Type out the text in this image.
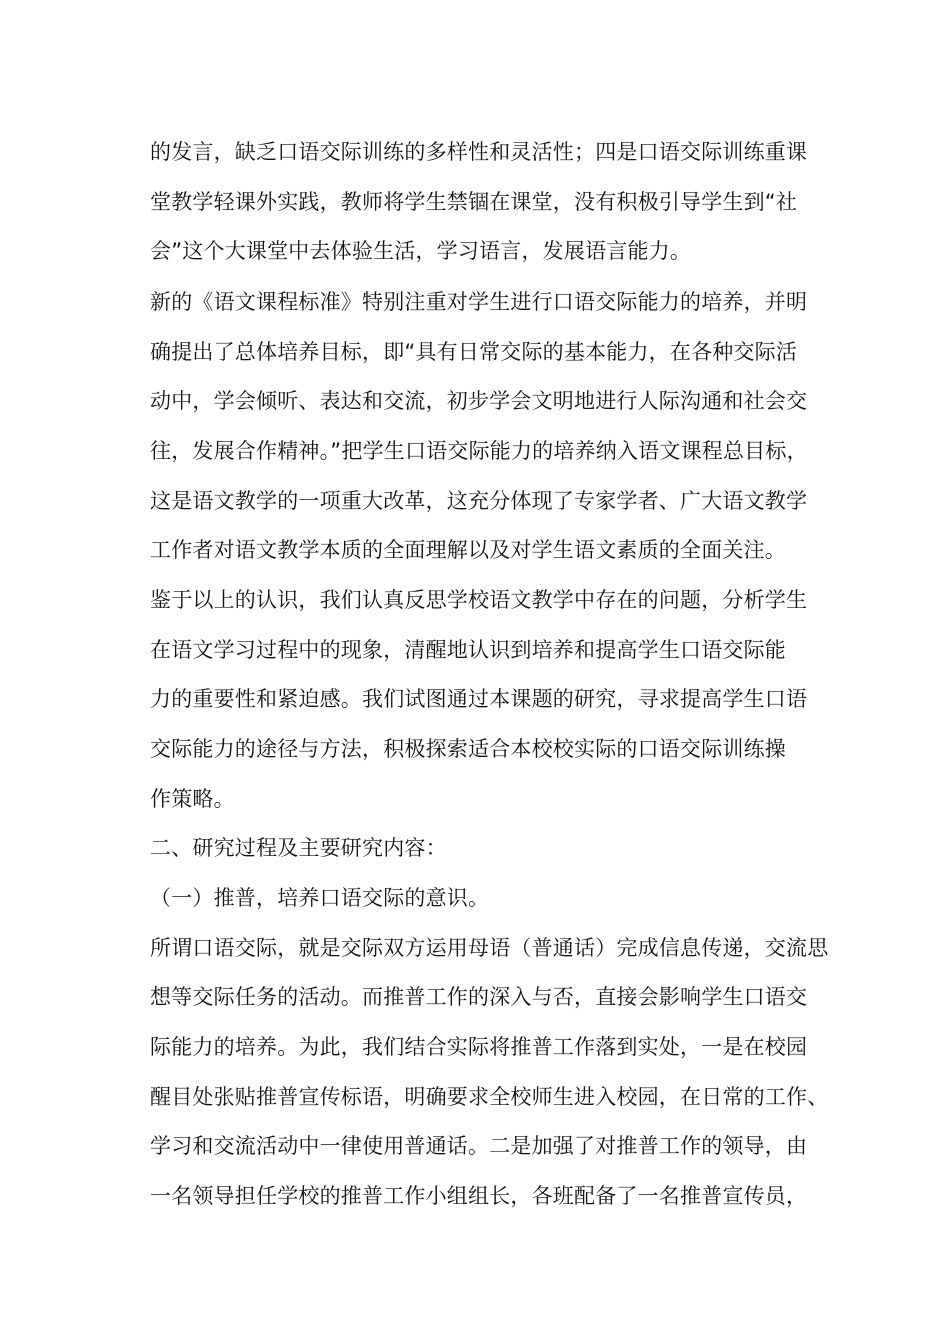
的发言，缺乏口语交际训练的多样性和灵活性；四是口语交际训练重课
堂教学轻课外实践，教师将学生禁锢在课堂，没有积极引导学生到“社
会”这个大课堂中去体验生活，学习语言，发展语言能力。
新的《语文课程标准》特别注重对学生进行口语交际能力的培养，并明
确提出了总体培养目标，即“具有日常交际的基本能力，在各种交际活
动中，学会倾听、表达和交流，初步学会文明地进行人际沟通和社会交
往，发展合作精神。”把学生口语交际能力的培养纳入语文课程总目标，
这是语文教学的一项重大改革，这充分体现了专家学者、广大语文教学
工作者对语文教学本质的全面理解以及对学生语文素质的全面关注。
鉴于以上的认识，我们认真反思学校语文教学中存在的问题，分析学生
在语文学习过程中的现象，清醒地认识到培养和提高学生口语交际能
力的重要性和紧迫感。我们试图通过本课题的研究，寻求提高学生口语
交际能力的途径与方法，积极探索适合本校校实际的口语交际训练操
作策略。
二、研究过程及主要研究内容：
（一）推普，培养口语交际的意识。
所谓口语交际，就是交际双方运用母语（普通话）完成信息传递，交流思
想等交际任务的活动。而推普工作的深入与否，直接会影响学生口语交
际能力的培养。为此，我们结合实际将推普工作落到实处，一是在校园
醒目处张贴推普宣传标语，明确要求全校师生进入校园，在日常的工作、
学习和交流活动中一律使用普通话。二是加强了对推普工作的领导，由
一名领导担任学校的推普工作小组组长，各班配备了一名推普宣传员，
